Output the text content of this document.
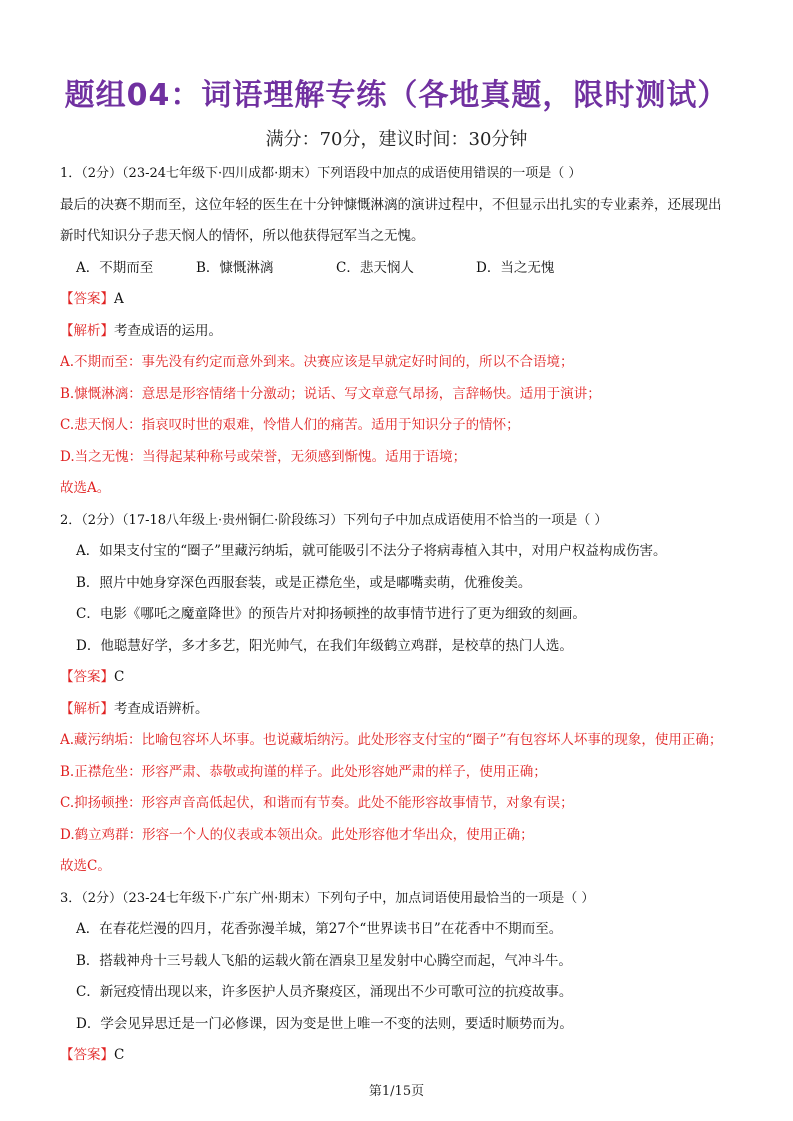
题组04：词语理解专练（各地真题，限时测试）
满分：70分，建议时间：30分钟
1．（2分）（23-24七年级下·四川成都·期末）下列语段中加点的成语使用错误的一项是（ ）
最后的决赛不期而至，这位年轻的医生在十分钟慷慨淋漓的演讲过程中，不但显示出扎实的专业素养，还展现出
新时代知识分子悲天悯人的情怀，所以他获得冠军当之无愧。
A．不期而至	B．慷慨淋漓	C．悲天悯人	D．当之无愧
【答案】A
【解析】考查成语的运用。
A.不期而至：事先没有约定而意外到来。决赛应该是早就定好时间的，所以不合语境；
B.慷慨淋漓：意思是形容情绪十分激动；说话、写文章意气昂扬，言辞畅快。适用于演讲；
C.悲天悯人：指哀叹时世的艰难，怜惜人们的痛苦。适用于知识分子的情怀；
D.当之无愧：当得起某种称号或荣誉，无须感到惭愧。适用于语境；
故选A。
2．（2分）（17-18八年级上·贵州铜仁·阶段练习）下列句子中加点成语使用不恰当的一项是（ ）
A．如果支付宝的“圈子”里藏污纳垢，就可能吸引不法分子将病毒植入其中，对用户权益构成伤害。
B．照片中她身穿深色西服套装，或是正襟危坐，或是嘟嘴卖萌，优雅俊美。
C．电影《哪吒之魔童降世》的预告片对抑扬顿挫的故事情节进行了更为细致的刻画。
D．他聪慧好学，多才多艺，阳光帅气，在我们年级鹤立鸡群，是校草的热门人选。
【答案】C
【解析】考查成语辨析。
A.藏污纳垢：比喻包容坏人坏事。也说藏垢纳污。此处形容支付宝的“圈子”有包容坏人坏事的现象，使用正确；
B.正襟危坐：形容严肃、恭敬或拘谨的样子。此处形容她严肃的样子，使用正确；
C.抑扬顿挫：形容声音高低起伏，和谐而有节奏。此处不能形容故事情节，对象有误；
D.鹤立鸡群：形容一个人的仪表或本领出众。此处形容他才华出众，使用正确；
故选C。
3．（2分）（23-24七年级下·广东广州·期末）下列句子中，加点词语使用最恰当的一项是（ ）
A．在春花烂漫的四月，花香弥漫羊城，第27个“世界读书日”在花香中不期而至。
B．搭载神舟十三号载人飞船的运载火箭在酒泉卫星发射中心腾空而起，气冲斗牛。
C．新冠疫情出现以来，许多医护人员齐聚疫区，涌现出不少可歌可泣的抗疫故事。
D．学会见异思迁是一门必修课，因为变是世上唯一不变的法则，要适时顺势而为。
【答案】C
第1/15页
